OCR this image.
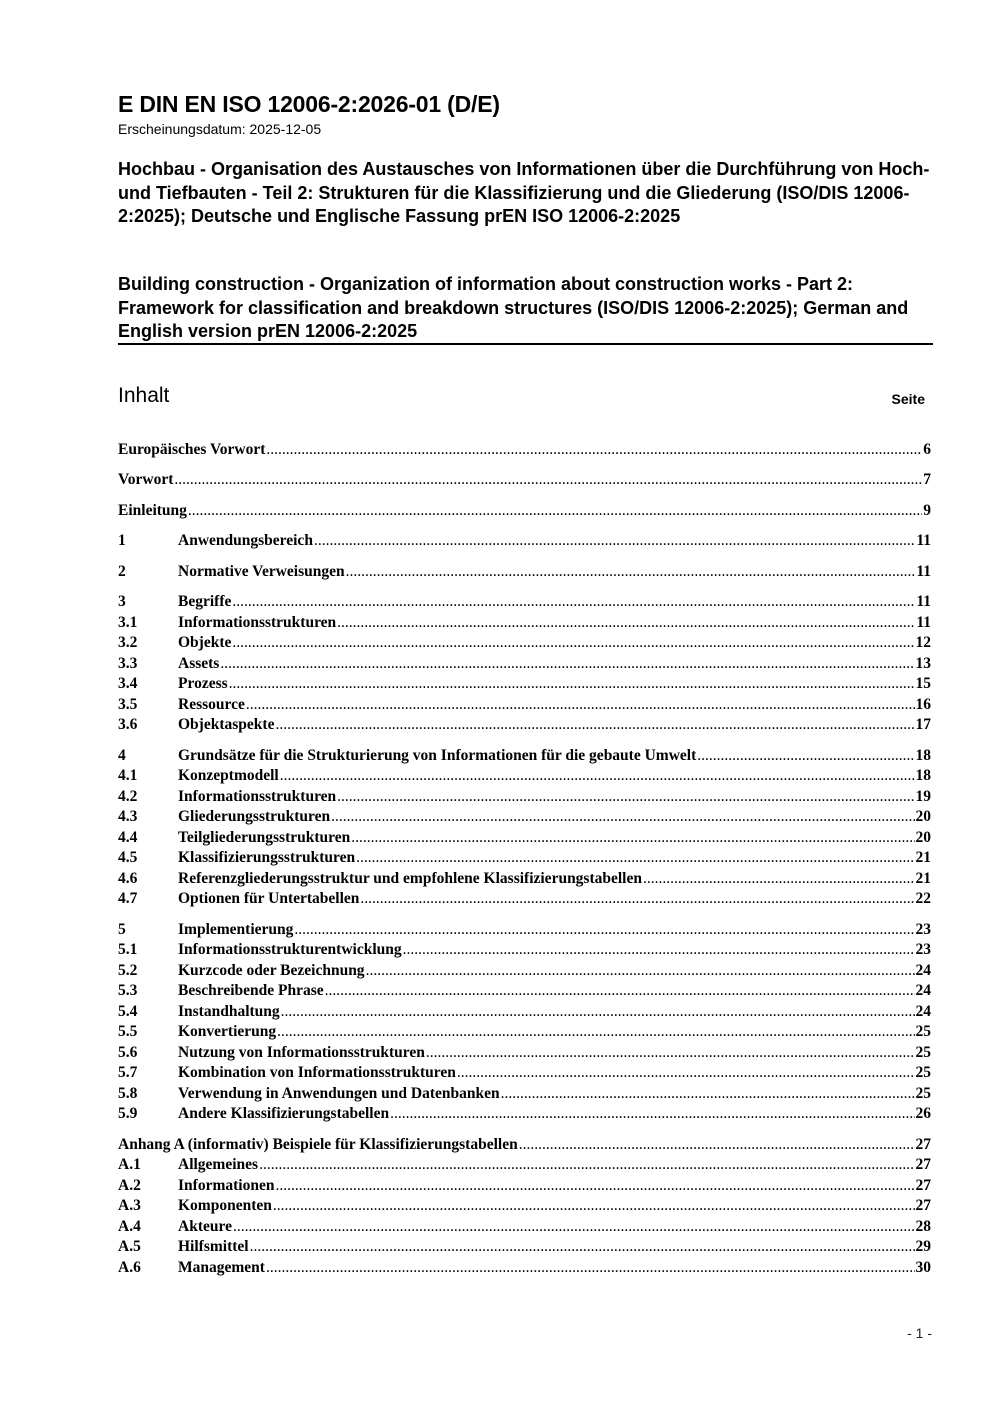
E DIN EN ISO 12006-2:2026-01 (D/E)
Erscheinungsdatum: 2025-12-05
Hochbau - Organisation des Austausches von Informationen über die Durchführung von Hoch- und Tiefbauten - Teil 2: Strukturen für die Klassifizierung und die Gliederung (ISO/DIS 12006-2:2025); Deutsche und Englische Fassung prEN ISO 12006-2:2025
Building construction - Organization of information about construction works - Part 2: Framework for classification and breakdown structures (ISO/DIS 12006-2:2025); German and English version prEN 12006-2:2025
Inhalt	Seite
Europäisches Vorwort .....	6
Vorwort .....	7
Einleitung .....	9
1	Anwendungsbereich .....	11
2	Normative Verweisungen .....	11
3	Begriffe .....	11
3.1	Informationsstrukturen .....	11
3.2	Objekte .....	12
3.3	Assets .....	13
3.4	Prozess .....	15
3.5	Ressource .....	16
3.6	Objektaspekte .....	17
4	Grundsätze für die Strukturierung von Informationen für die gebaute Umwelt .....	18
4.1	Konzeptmodell .....	18
4.2	Informationsstrukturen .....	19
4.3	Gliederungsstrukturen .....	20
4.4	Teilgliederungsstrukturen .....	20
4.5	Klassifizierungsstrukturen .....	21
4.6	Referenzgliederungsstruktur und empfohlene Klassifizierungstabellen .....	21
4.7	Optionen für Untertabellen .....	22
5	Implementierung .....	23
5.1	Informationsstrukturentwicklung .....	23
5.2	Kurzcode oder Bezeichnung .....	24
5.3	Beschreibende Phrase .....	24
5.4	Instandhaltung .....	24
5.5	Konvertierung .....	25
5.6	Nutzung von Informationsstrukturen .....	25
5.7	Kombination von Informationsstrukturen .....	25
5.8	Verwendung in Anwendungen und Datenbanken .....	25
5.9	Andere Klassifizierungstabellen .....	26
Anhang A (informativ) Beispiele für Klassifizierungstabellen .....	27
A.1	Allgemeines .....	27
A.2	Informationen .....	27
A.3	Komponenten .....	27
A.4	Akteure .....	28
A.5	Hilfsmittel .....	29
A.6	Management .....	30
- 1 -
